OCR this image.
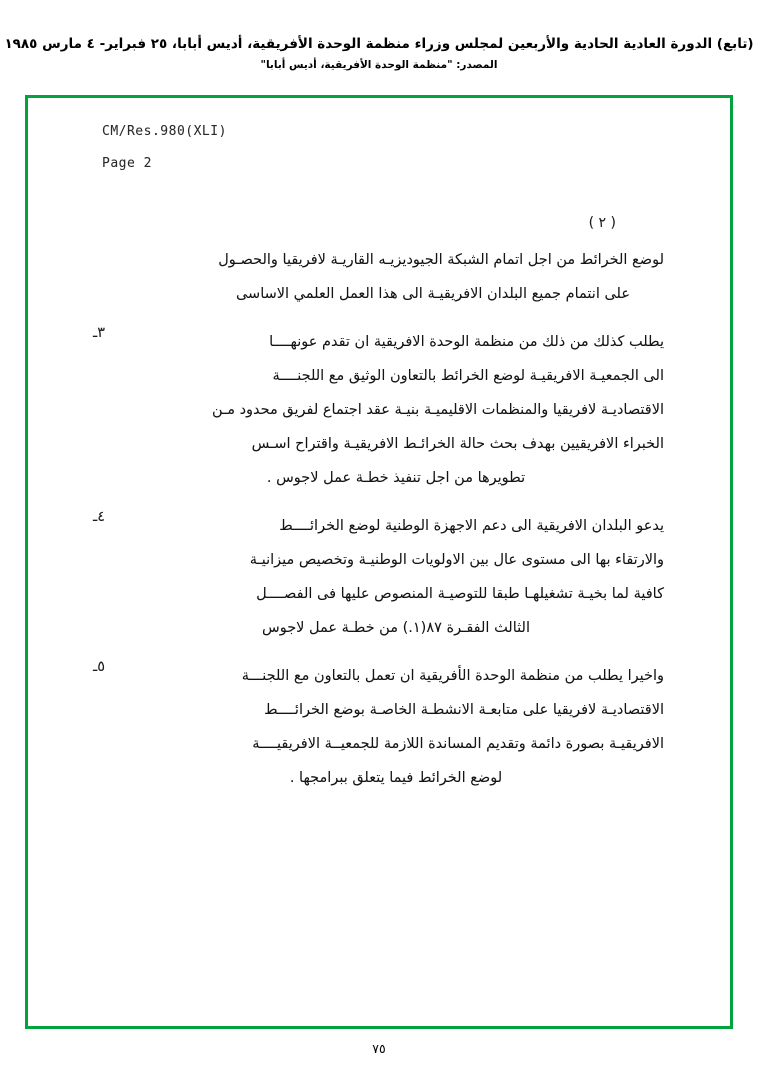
(تابع) الدورة العادية الحادية والأربعين لمجلس وزراء منظمة الوحدة الأفريقية، أديس أبابا، ٢٥ فبراير- ٤ مارس ١٩٨٥
المصدر: "منظمة الوحدة الأفريقية، أديس أبابا"
CM/Res.980(XLI)
Page 2
( ٢ )
لوضع الخرائط من اجل اتمام الشبكة الجيوديزيـه القاريـة لافريقيا والحصـول
على انتمام جميع البلدان الافريقيـة الى هذا العمل العلمي الاساسى
٣ـ
يطلب كذلك من ذلك من منظمة الوحدة الافريقية ان تقدم عونهــــا
الى الجمعيـة الافريقيـة لوضع الخرائط بالتعاون الوثيق مع اللجنــــة
الاقتصاديـة لافريقيا والمنظمات الاقليميـة بنيـة عقد اجتماع لفريق محدود مـن
الخبراء الافريقيين بهدف بحث حالة الخرائـط الافريقيـة واقتراح اسـس
تطويرها من اجل تنفيذ خطـة عمل لاجوس .
٤ـ
يدعو البلدان الافريقية الى دعم الاجهزة الوطنية لوضع الخرائــــط
والارتقاء بها الى مستوى عال بين الاولويات الوطنيـة وتخصيص ميزانيـة
كافية لما بخيـة تشغيلهـا طبقا للتوصيـة المنصوص عليها فى الفصــــل
الثالث الفقـرة ٨٧(١.) من خطـة عمل لاجوس
٥ـ
واخيرا يطلب من منظمة الوحدة الأفريقية ان تعمل بالتعاون مع اللجنـــة
الاقتصاديـة لافريقيا على متابعـة الانشطـة الخاصـة بوضع الخرائــــط
الافريقيـة بصورة دائمة وتقديم المساندة اللازمة للجمعيــة الافريقيــــة
لوضع الخرائط فيما يتعلق ببرامجها .
٧٥
